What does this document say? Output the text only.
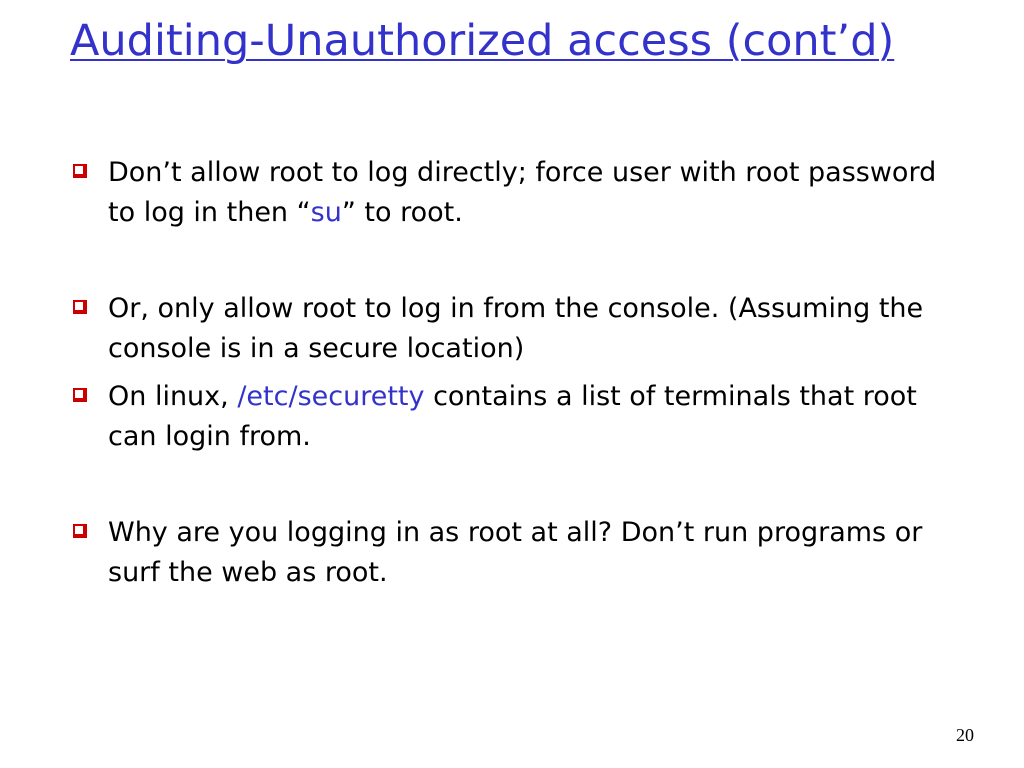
Auditing-Unauthorized access (cont’d)
Don’t allow root to log directly; force user with root password to log in then “su” to root.
Or, only allow root to log in from the console. (Assuming the console is in a secure location)
On linux, /etc/securetty contains a list of terminals that root can login from.
Why are you logging in as root at all? Don’t run programs or surf the web as root.
20
